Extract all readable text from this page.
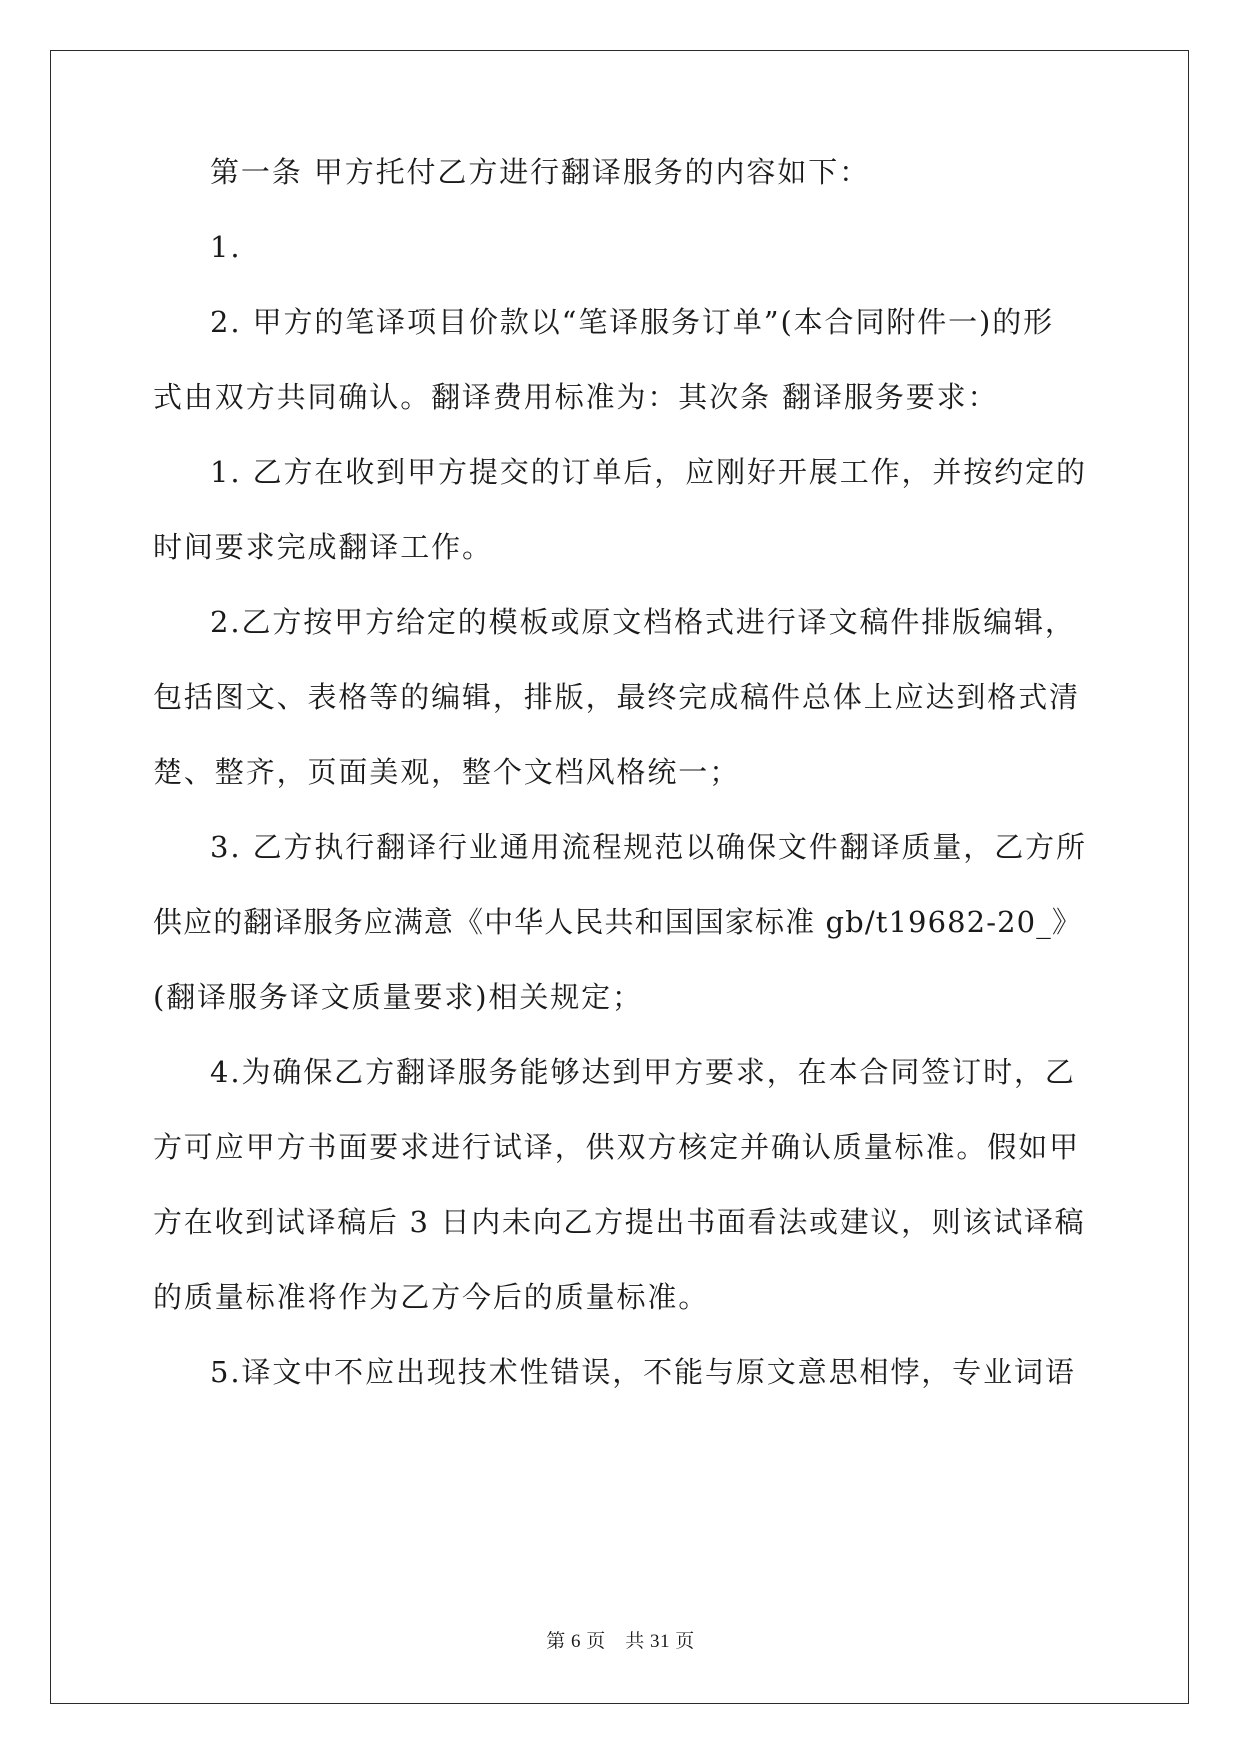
第一条 甲方托付乙方进行翻译服务的内容如下：
1.
2. 甲方的笔译项目价款以“笔译服务订单”(本合同附件一)的形
式由双方共同确认。翻译费用标准为：其次条 翻译服务要求：
1. 乙方在收到甲方提交的订单后，应刚好开展工作，并按约定的
时间要求完成翻译工作。
2.乙方按甲方给定的模板或原文档格式进行译文稿件排版编辑，
包括图文、表格等的编辑，排版，最终完成稿件总体上应达到格式清
楚、整齐，页面美观，整个文档风格统一；
3. 乙方执行翻译行业通用流程规范以确保文件翻译质量，乙方所
供应的翻译服务应满意《中华人民共和国国家标准 gb/t19682-20_》
(翻译服务译文质量要求)相关规定；
4.为确保乙方翻译服务能够达到甲方要求，在本合同签订时，乙
方可应甲方书面要求进行试译，供双方核定并确认质量标准。假如甲
方在收到试译稿后 3 日内未向乙方提出书面看法或建议，则该试译稿
的质量标准将作为乙方今后的质量标准。
5.译文中不应出现技术性错误，不能与原文意思相悖，专业词语
第 6 页　共 31 页
